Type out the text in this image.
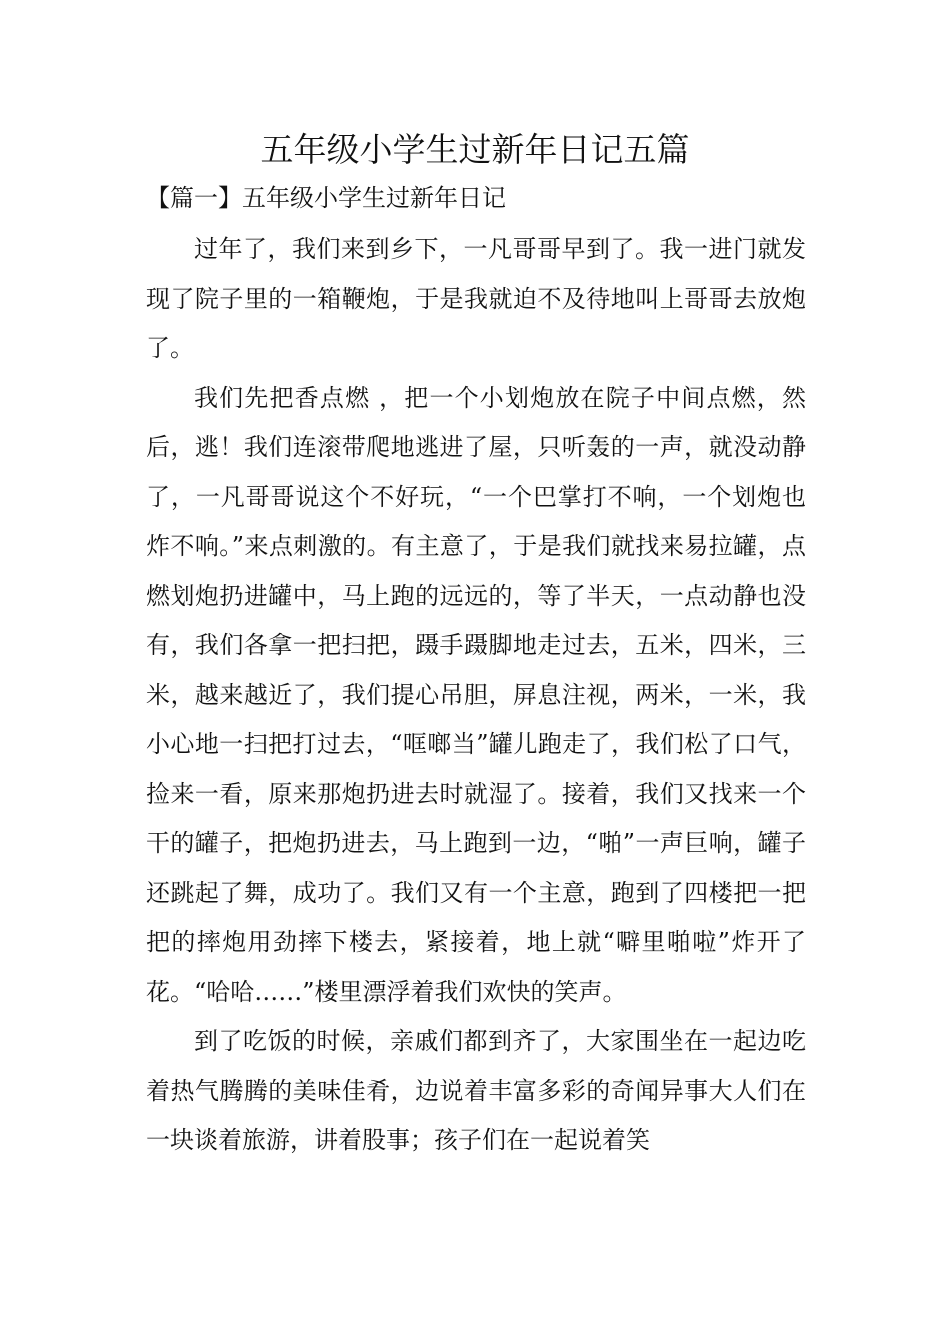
五年级小学生过新年日记五篇
【篇一】五年级小学生过新年日记

过年了，我们来到乡下，一凡哥哥早到了。我一进门就发现了院子里的一箱鞭炮，于是我就迫不及待地叫上哥哥去放炮了。

我们先把香点燃 ，把一个小划炮放在院子中间点燃，然后，逃！我们连滚带爬地逃进了屋，只听轰的一声，就没动静了，一凡哥哥说这个不好玩，“一个巴掌打不响，一个划炮也炸不响。”来点刺激的。有主意了，于是我们就找来易拉罐，点燃划炮扔进罐中，马上跑的远远的，等了半天，一点动静也没有，我们各拿一把扫把，蹑手蹑脚地走过去，五米，四米，三米，越来越近了，我们提心吊胆，屏息注视，两米，一米，我小心地一扫把打过去，“哐啷当”罐儿跑走了，我们松了口气，捡来一看，原来那炮扔进去时就湿了。接着，我们又找来一个干的罐子，把炮扔进去，马上跑到一边，“啪”一声巨响，罐子还跳起了舞，成功了。我们又有一个主意，跑到了四楼把一把把的摔炮用劲摔下楼去，紧接着，地上就“噼里啪啦”炸开了花。“哈哈……”楼里漂浮着我们欢快的笑声。

到了吃饭的时候，亲戚们都到齐了，大家围坐在一起边吃着热气腾腾的美味佳肴，边说着丰富多彩的奇闻异事大人们在一块谈着旅游，讲着股事；孩子们在一起说着笑
